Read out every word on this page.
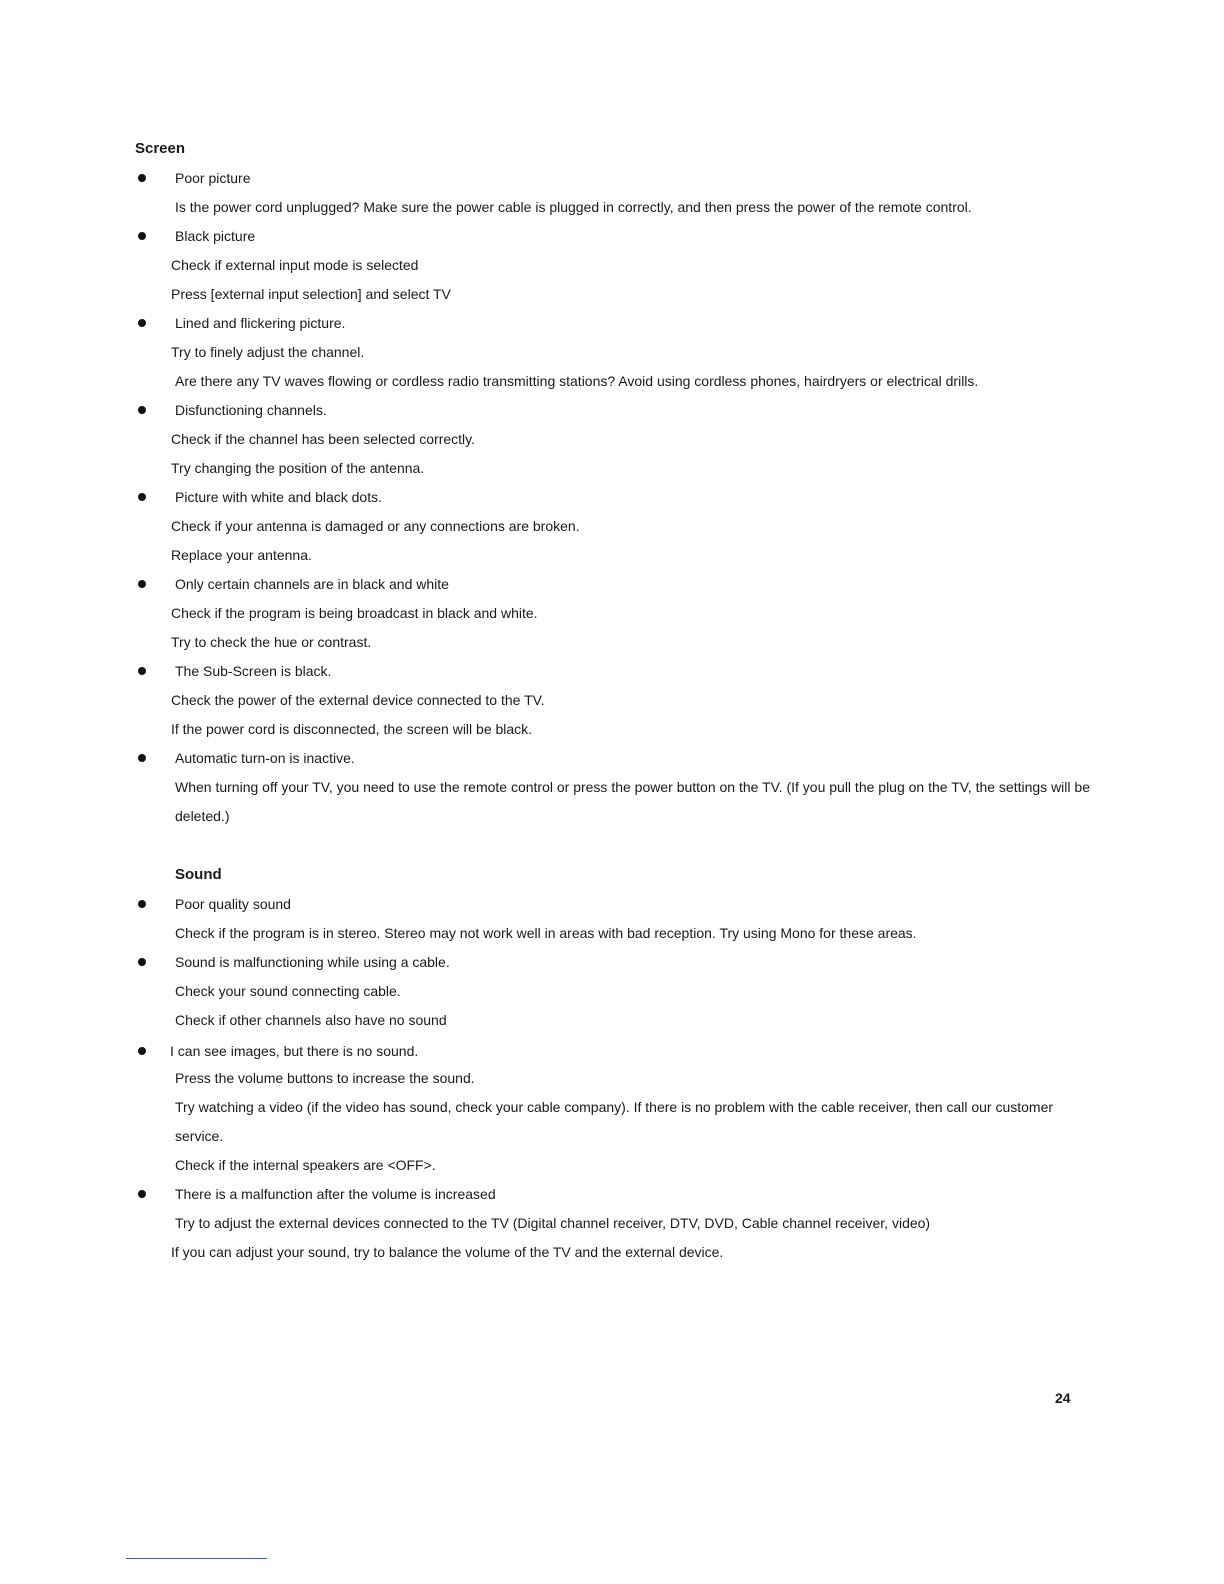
Screen
Poor picture
Is the power cord unplugged? Make sure the power cable is plugged in correctly, and then press the power of the remote control.
Black picture
Check if external input mode is selected
Press [external input selection] and select TV
Lined and flickering picture.
Try to finely adjust the channel.
Are there any TV waves flowing or cordless radio transmitting stations? Avoid using cordless phones, hairdryers or electrical drills.
Disfunctioning channels.
Check if the channel has been selected correctly.
Try changing the position of the antenna.
Picture with white and black dots.
Check if your antenna is damaged or any connections are broken.
Replace your antenna.
Only certain channels are in black and white
Check if the program is being broadcast in black and white.
Try to check the hue or contrast.
The Sub-Screen is black.
Check the power of the external device connected to the TV.
If the power cord is disconnected, the screen will be black.
Automatic turn-on is inactive.
When turning off your TV, you need to use the remote control or press the power button on the TV. (If you pull the plug on the TV, the settings will be
deleted.)
Sound
Poor quality sound
Check if the program is in stereo. Stereo may not work well in areas with bad reception. Try using Mono for these areas.
Sound is malfunctioning while using a cable.
Check your sound connecting cable.
Check if other channels also have no sound
I can see images, but there is no sound.
Press the volume buttons to increase the sound.
Try watching a video (if the video has sound, check your cable company). If there is no problem with the cable receiver, then call our customer
service.
Check if the internal speakers are <OFF>.
There is a malfunction after the volume is increased
Try to adjust the external devices connected to the TV (Digital channel receiver, DTV, DVD, Cable channel receiver, video)
If you can adjust your sound, try to balance the volume of the TV and the external device.
24
